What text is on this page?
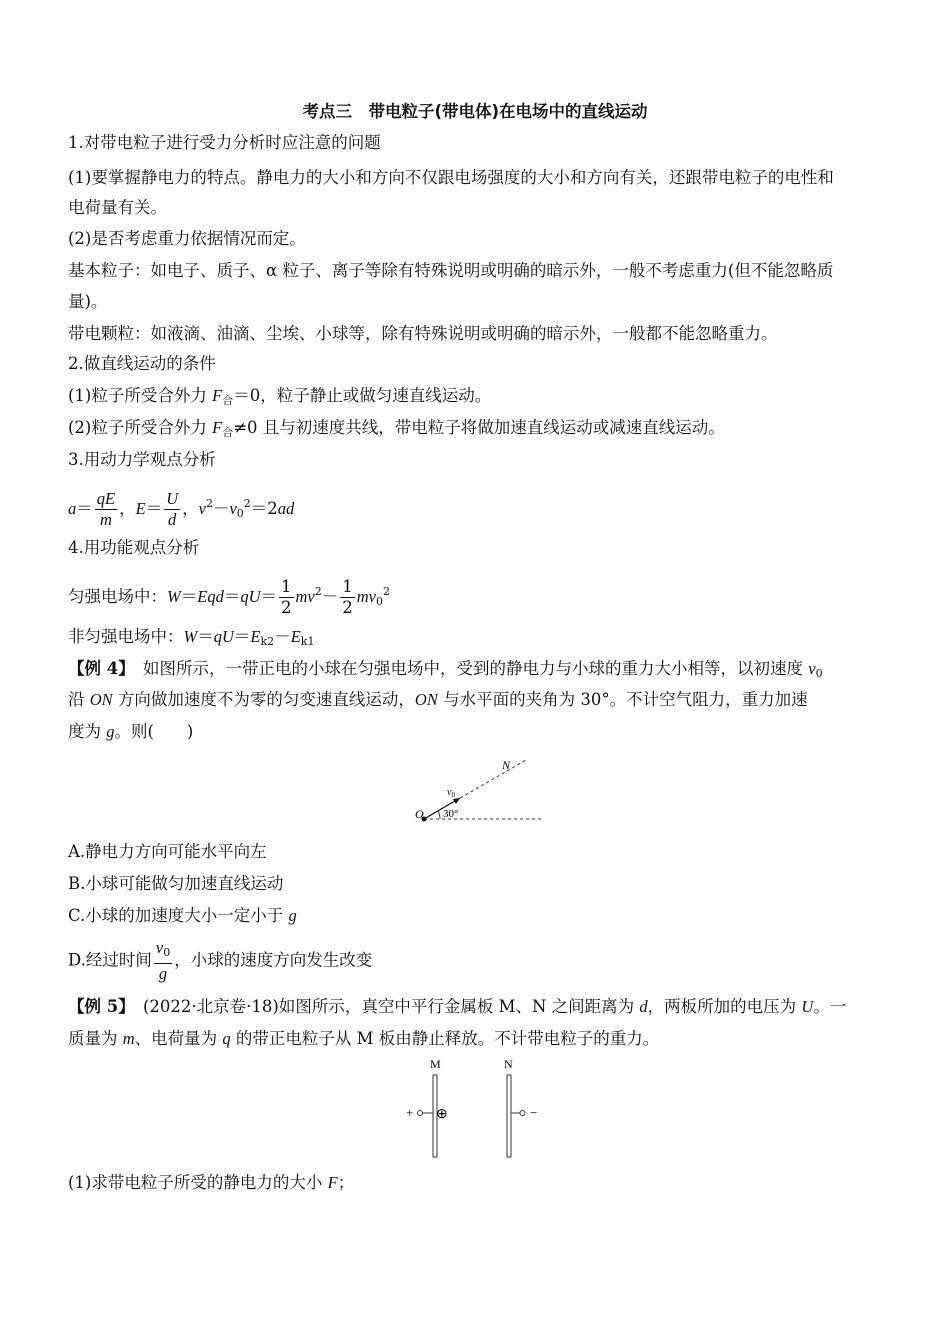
考点三　带电粒子(带电体)在电场中的直线运动
1.对带电粒子进行受力分析时应注意的问题
(1)要掌握静电力的特点。静电力的大小和方向不仅跟电场强度的大小和方向有关，还跟带电粒子的电性和
电荷量有关。
(2)是否考虑重力依据情况而定。
基本粒子：如电子、质子、α 粒子、离子等除有特殊说明或明确的暗示外，一般不考虑重力(但不能忽略质
量)。
带电颗粒：如液滴、油滴、尘埃、小球等，除有特殊说明或明确的暗示外，一般都不能忽略重力。
2.做直线运动的条件
(1)粒子所受合外力 $F_合=0$，粒子静止或做匀速直线运动。
(2)粒子所受合外力 $F_合\ne 0$ 且与初速度共线，带电粒子将做加速直线运动或减速直线运动。
3.用动力学观点分析
$a= \frac{qE}{m}$ ，$E= \frac{U}{d}$ ，$v^2-v_0^2=2ad$
4.用功能观点分析
匀强电场中：$W=Eqd=qU= \frac{1}{2} mv^2- \frac{1}{2} mv_0^2$
非匀强电场中：$W=qU=E_{k2}-E_{k1}$
【例 4】　 如图所示，一带正电的小球在匀强电场中，受到的静电力与小球的重力大小相等，以初速度 $v_0$
沿 ON 方向做加速度不为零的匀变速直线运动，ON 与水平面的夹角为 30°。不计空气阻力，重力加速
度为 g。则(　　)
N
O 30°
$v_0$
A.静电力方向可能水平向左
B.小球可能做匀加速直线运动
C.小球的加速度大小一定小于 g
D.经过时间 $\frac{v_0}{g}$ ，小球的速度方向发生改变
【例 5】　 (2022·北京卷·18)如图所示，真空中平行金属板 M、N 之间距离为 d，两板所加的电压为 U。一
质量为 m、电荷量为 q 的带正电粒子从 M 板由静止释放。不计带电粒子的重力。
M	N
+ ⊕	−
(1)求带电粒子所受的静电力的大小 F；
